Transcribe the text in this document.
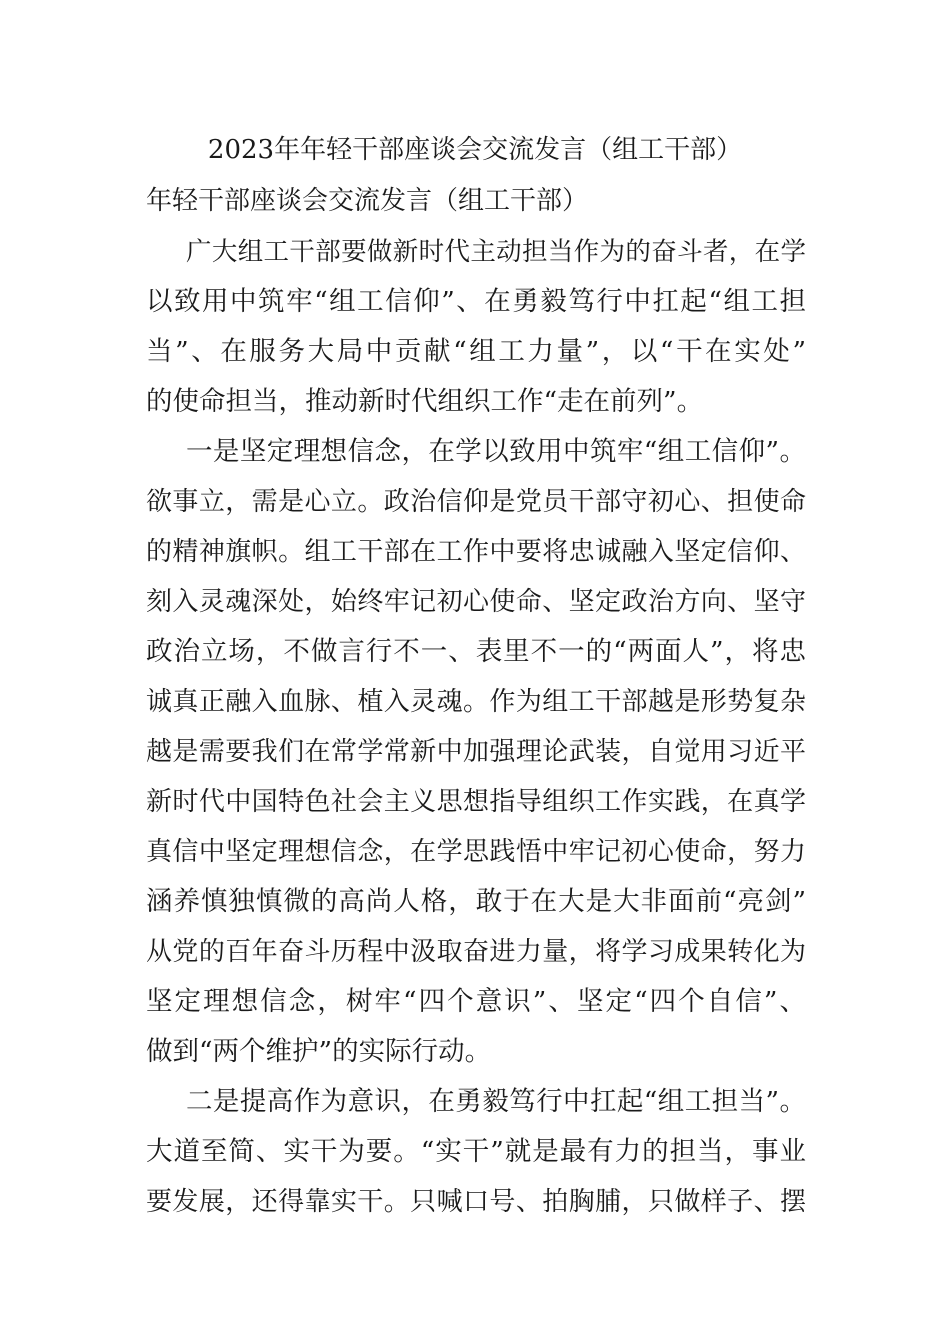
2023年年轻干部座谈会交流发言（组工干部）
年轻干部座谈会交流发言（组工干部）

广大组工干部要做新时代主动担当作为的奋斗者，在学

以致用中筑牢“组工信仰”、在勇毅笃行中扛起“组工担

当”、在服务大局中贡献“组工力量”，以“干在实处”

的使命担当，推动新时代组织工作“走在前列”。

一是坚定理想信念，在学以致用中筑牢“组工信仰”。

欲事立，需是心立。政治信仰是党员干部守初心、担使命

的精神旗帜。组工干部在工作中要将忠诚融入坚定信仰、

刻入灵魂深处，始终牢记初心使命、坚定政治方向、坚守

政治立场，不做言行不一、表里不一的“两面人”，将忠

诚真正融入血脉、植入灵魂。作为组工干部越是形势复杂

越是需要我们在常学常新中加强理论武装，自觉用习近平

新时代中国特色社会主义思想指导组织工作实践，在真学

真信中坚定理想信念，在学思践悟中牢记初心使命，努力

涵养慎独慎微的高尚人格，敢于在大是大非面前“亮剑”

从党的百年奋斗历程中汲取奋进力量，将学习成果转化为

坚定理想信念，树牢“四个意识”、坚定“四个自信”、

做到“两个维护”的实际行动。

二是提高作为意识，在勇毅笃行中扛起“组工担当”。

大道至简、实干为要。“实干”就是最有力的担当，事业

要发展，还得靠实干。只喊口号、拍胸脯，只做样子、摆
